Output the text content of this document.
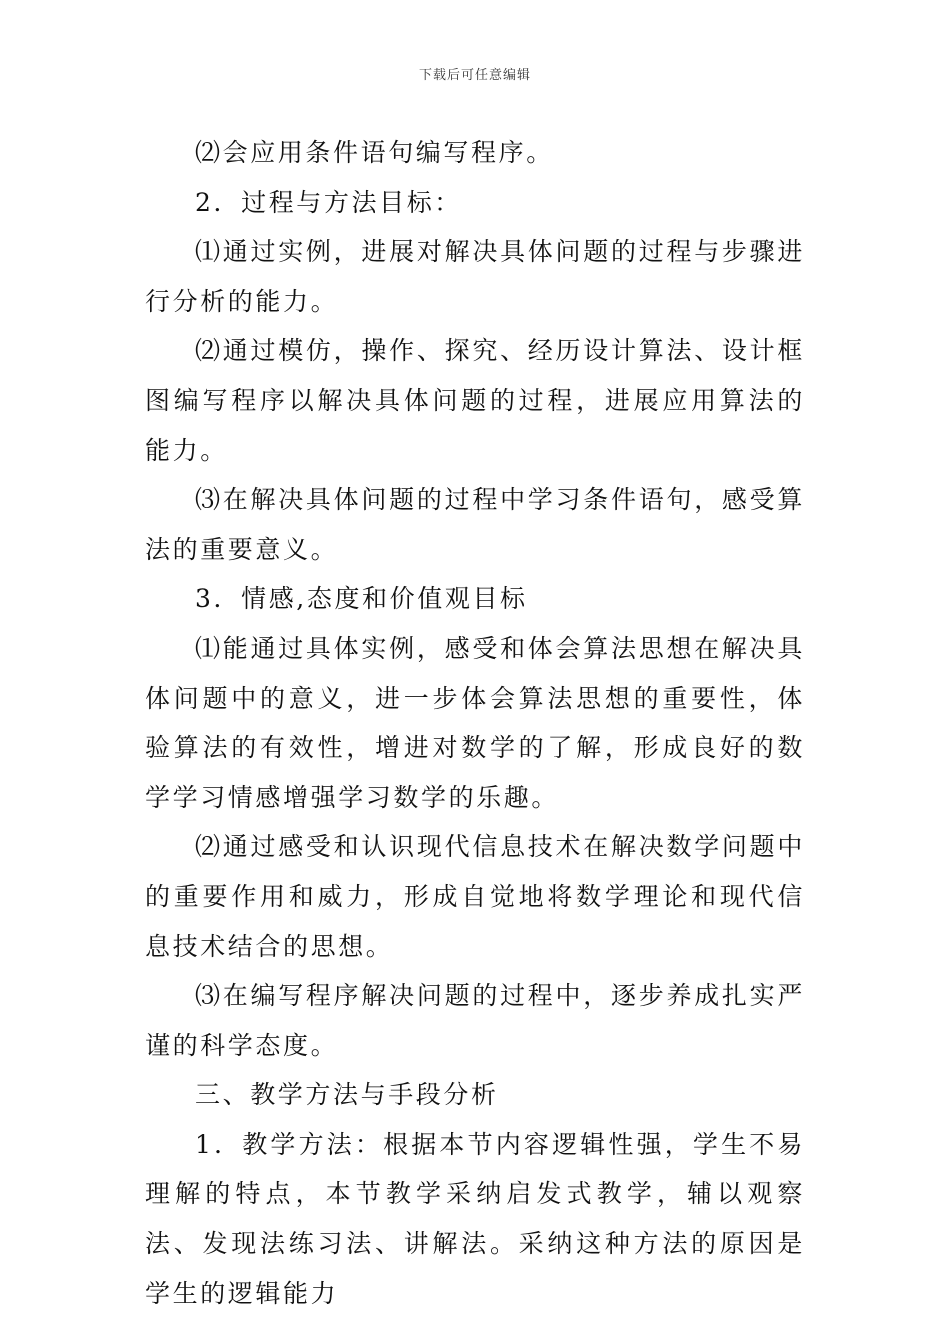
下载后可任意编辑

⑵会应用条件语句编写程序。

2．过程与方法目标：

⑴通过实例，进展对解决具体问题的过程与步骤进行分析的能力。

⑵通过模仿，操作、探究、经历设计算法、设计框图编写程序以解决具体问题的过程，进展应用算法的能力。

⑶在解决具体问题的过程中学习条件语句，感受算法的重要意义。

3．情感,态度和价值观目标

⑴能通过具体实例，感受和体会算法思想在解决具体问题中的意义，进一步体会算法思想的重要性，体验算法的有效性，增进对数学的了解，形成良好的数学学习情感增强学习数学的乐趣。

⑵通过感受和认识现代信息技术在解决数学问题中的重要作用和威力，形成自觉地将数学理论和现代信息技术结合的思想。

⑶在编写程序解决问题的过程中，逐步养成扎实严谨的科学态度。

三、教学方法与手段分析

1．教学方法：根据本节内容逻辑性强，学生不易理解的特点，本节教学采纳启发式教学，辅以观察法、发现法练习法、讲解法。采纳这种方法的原因是学生的逻辑能力
